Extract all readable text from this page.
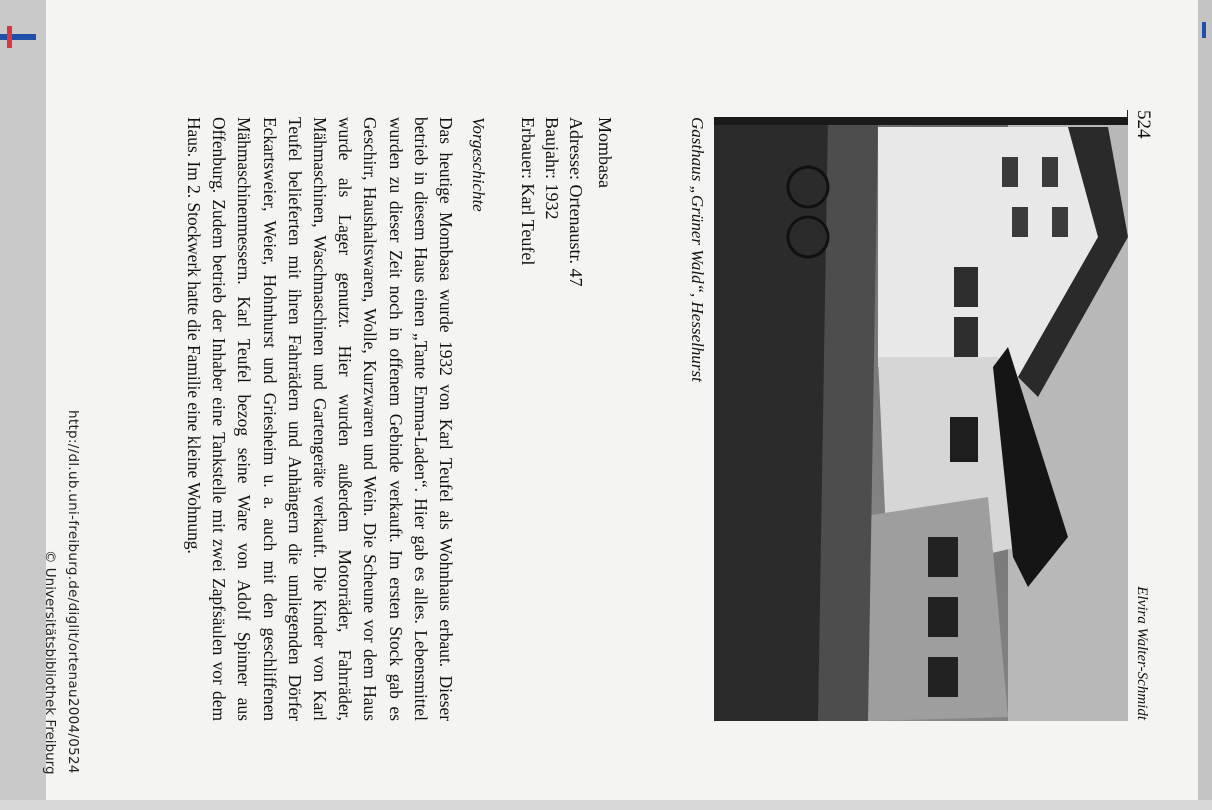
524
Elvira Walter-Schmidt
Gasthaus „Grüner Wald“, Hesselhurst
Mombasa
Adresse: Ortenaustr. 47
Baujahr: 1932
Erbauer: Karl Teufel
Vorgeschichte
Das heutige Mombasa wurde 1932 von Karl Teufel als Wohnhaus erbaut. Dieser betrieb in diesem Haus einen „Tante Emma-Laden“. Hier gab es alles. Lebensmittel wurden zu dieser Zeit noch in offenem Gebinde verkauft. Im ersten Stock gab es Geschirr, Haushaltswaren, Wolle, Kurzwaren und Wein. Die Scheune vor dem Haus wurde als Lager genutzt. Hier wurden außerdem Motorräder, Fahrräder, Mähmaschinen, Waschmaschinen und Gartengeräte verkauft. Die Kinder von Karl Teufel belieferten mit ihren Fahrrädern und Anhängern die umliegenden Dörfer Eckartsweier, Weier, Hohnhurst und Griesheim u. a. auch mit den geschliffenen Mähmaschinenmessern. Karl Teufel bezog seine Ware von Adolf Spinner aus Offenburg. Zudem betrieb der Inhaber eine Tankstelle mit zwei Zapfsäulen vor dem Haus. Im 2. Stockwerk hatte die Familie eine kleine Wohnung.
http://dl.ub.uni-freiburg.de/diglit/ortenau2004/0524
© Universitätsbibliothek Freiburg
